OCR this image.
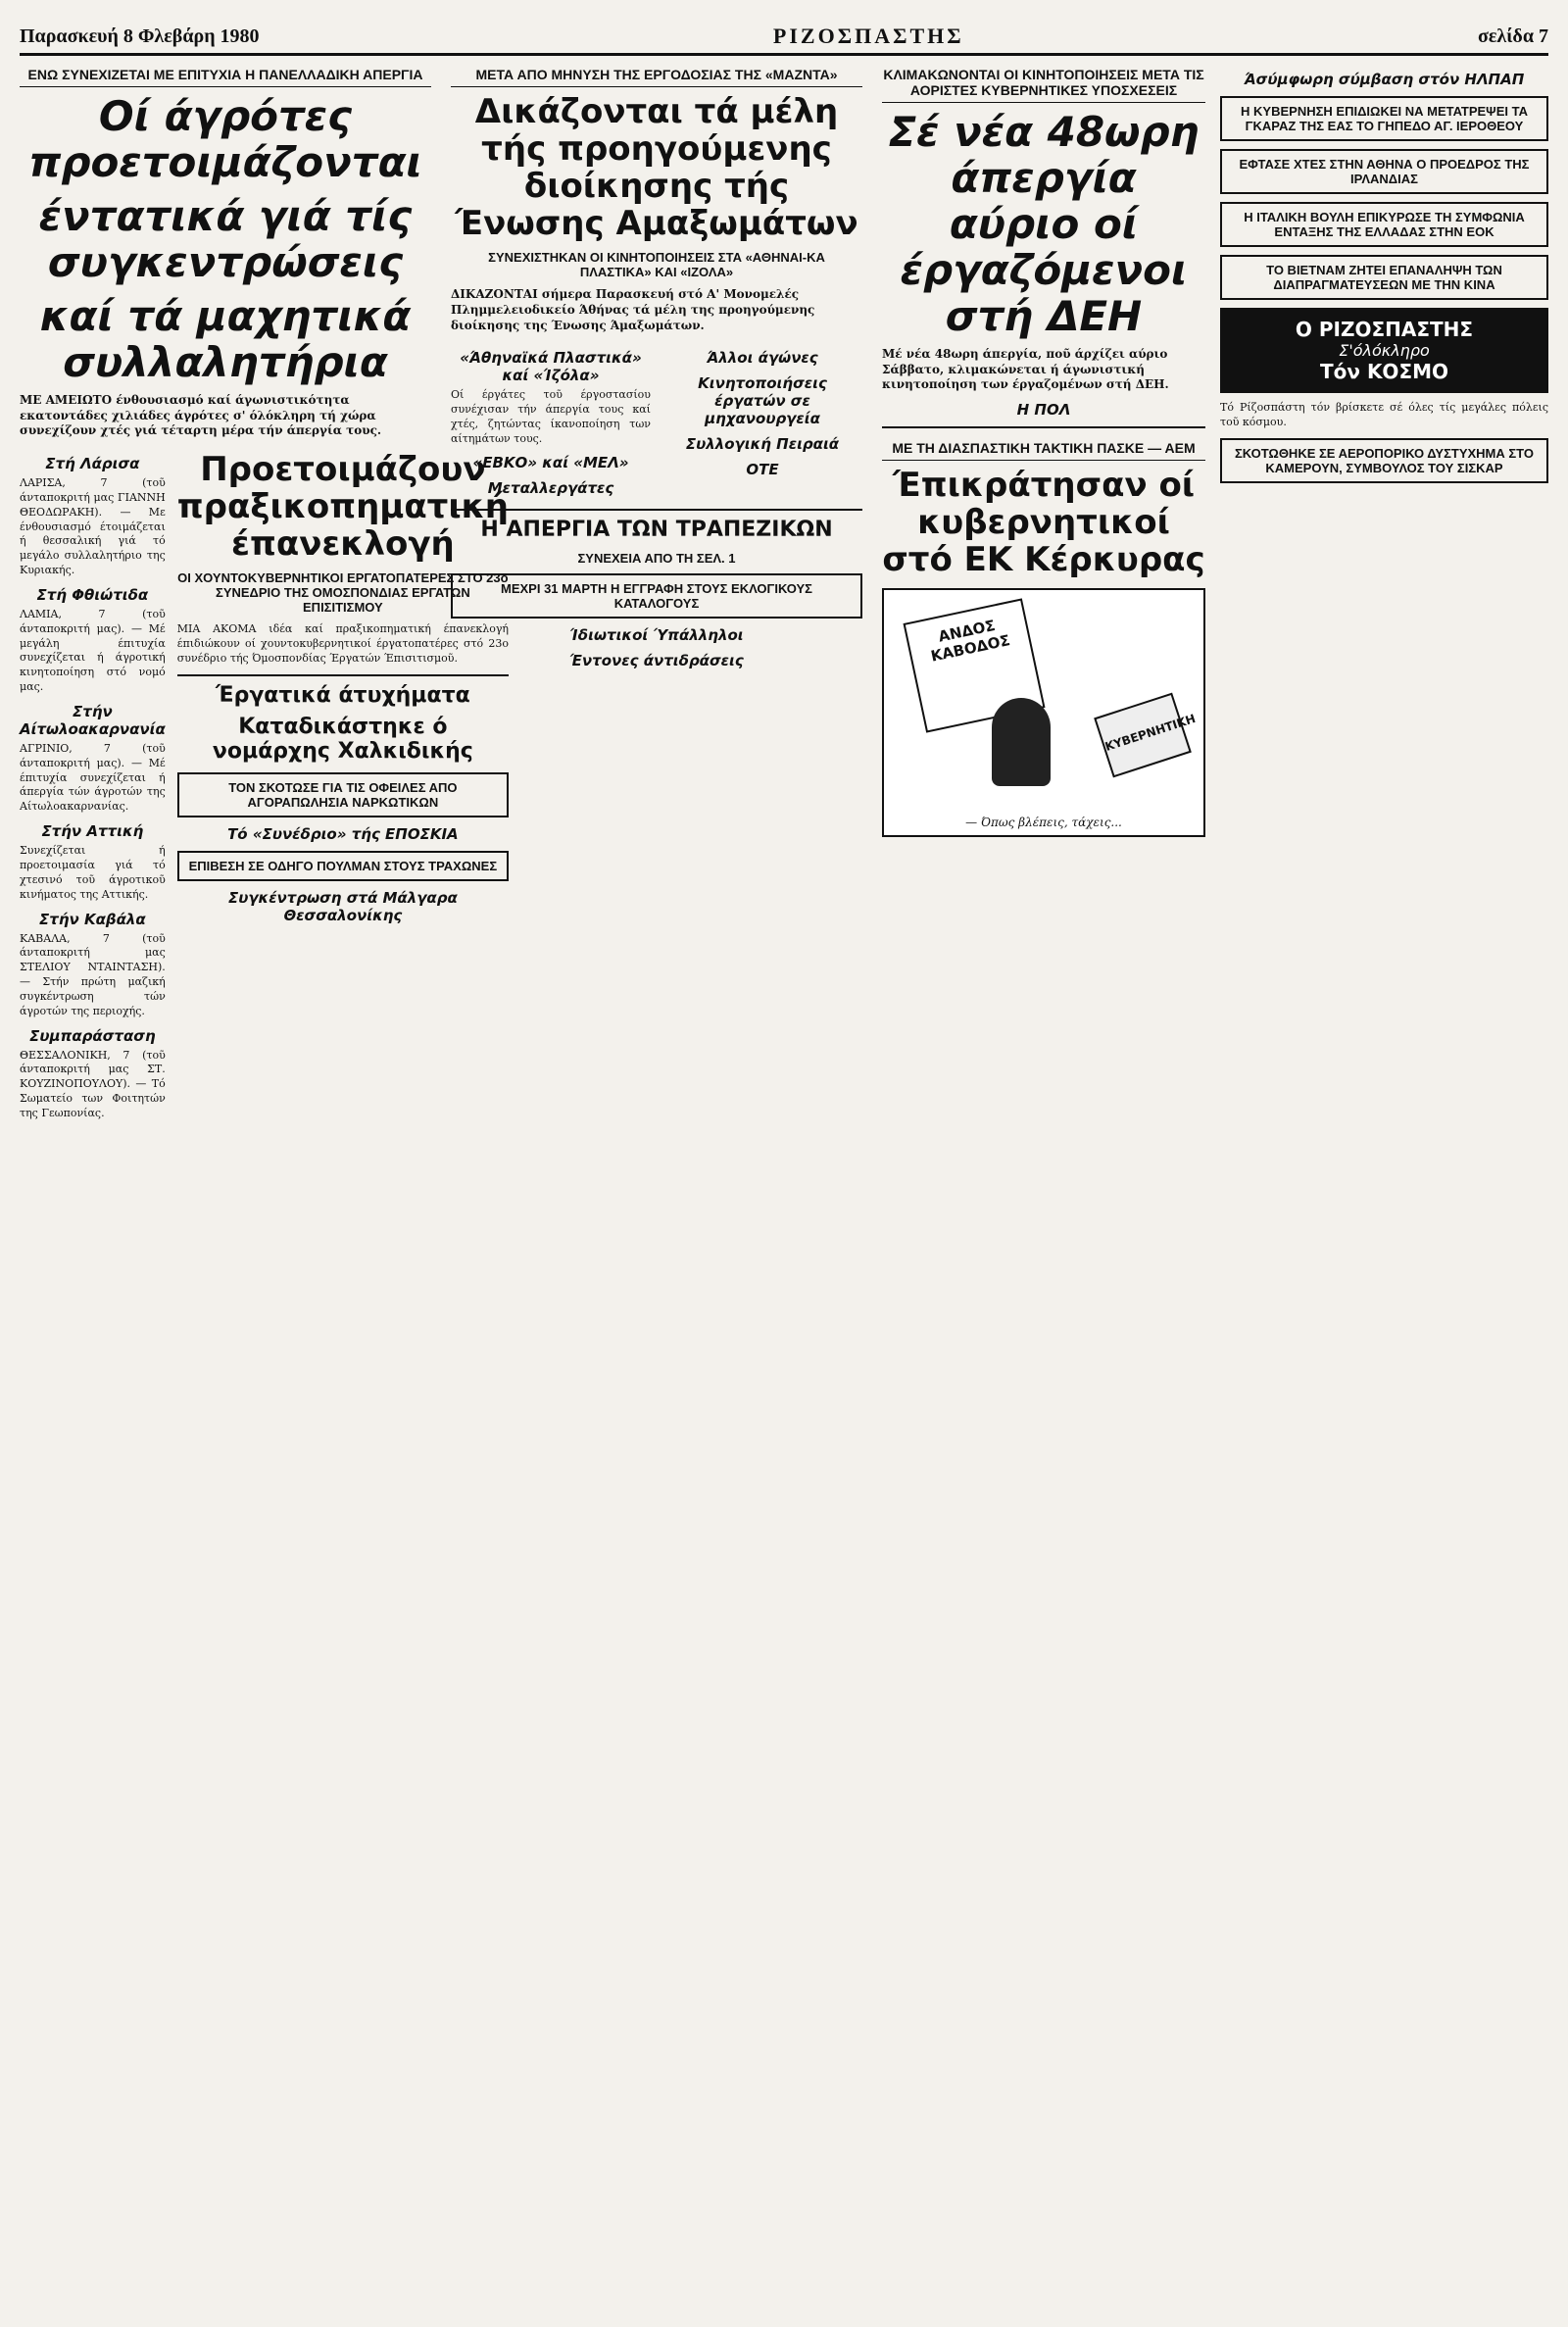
Παρασκευή 8 Φλεβάρη 1980	ΡΙΖΟΣΠΑΣΤΗΣ	σελίδα 7
ΕΝΩ ΣΥΝΕΧΙΖΕΤΑΙ ΜΕ ΕΠΙΤΥΧΙΑ Η ΠΑΝΕΛΛΑΔΙΚΗ ΑΠΕΡΓΙΑ
Οί άγρότες προετοιμάζονται
έντατικά γιά τίς συγκεντρώσεις
καί τά μαχητικά συλλαλητήρια
ΜΕ ΑΜΕΙΩΤΟ ένθουσιασμό καί άγωνιστικότητα εκατοντάδες χιλιάδες άγρότες σ' όλόκληρη τή χώρα συνεχίζουν χτές γιά τέταρτη μέρα τήν άπεργία τους.
Στή Λάρισα

ΛΑΡΙΣΑ, 7 (τοῦ άνταποκριτή μας ΓΙΑΝΝΗ ΘΕΟΔΩΡΑΚΗ). — Με ένθουσιασμό έτοιμάζεται ή θεσσαλική γιά τό μεγάλο συλλαλητήριο της Κυριακής.

Στή Φθιώτιδα

ΛΑΜΙΑ, 7 (τοῦ άνταποκριτή μας). — Μέ μεγάλη έπιτυχία συνεχίζεται ή άγροτική κινητοποίηση στό νομό μας.

Στήν Αίτωλοακαρνανία

ΑΓΡΙΝΙΟ, 7 (τοῦ άνταποκριτή μας). — Μέ έπιτυχία συνεχίζεται ή άπεργία τών άγροτών της Αίτωλοακαρνανίας.

Στήν Αττική

Συνεχίζεται ή προετοιμασία γιά τό χτεσινό τοῦ άγροτικοῦ κινήματος της Αττικής.

Στήν Καβάλα

ΚΑΒΑΛΑ, 7 (τοῦ άνταποκριτή μας ΣΤΕΛΙΟΥ ΝΤΑΙΝΤΑΣΗ). — Στήν πρώτη μαζική συγκέντρωση τών άγροτών της περιοχής.

Συμπαράσταση

ΘΕΣΣΑΛΟΝΙΚΗ, 7 (τοῦ άνταποκριτή μας ΣΤ. ΚΟΥΖΙΝΟΠΟΥΛΟΥ). — Τό Σωματείο των Φοιτητών της Γεωπονίας.

Προετοιμάζουν πραξικοπηματική έπανεκλογή
ΟΙ ΧΟΥΝΤΟΚΥΒΕΡΝΗΤΙΚΟΙ ΕΡΓΑΤΟΠΑΤΕΡΕΣ ΣΤΟ 23ο ΣΥΝΕΔΡΙΟ ΤΗΣ ΟΜΟΣΠΟΝΔΙΑΣ ΕΡΓΑΤΩΝ ΕΠΙΣΙΤΙΣΜΟΥ

ΜΙΑ ΑΚΟΜΑ ιδέα καί πραξικοπηματική έπανεκλογή έπιδιώκουν οί χουντοκυβερνητικοί έργατοπατέρες στό 23ο συνέδριο τής Όμοσπονδίας Έργατών Έπισιτισμοῦ.

Έργατικά άτυχήματα
Καταδικάστηκε ό νομάρχης Χαλκιδικής
ΤΟΝ ΣΚΟΤΩΣΕ ΓΙΑ ΤΙΣ ΟΦΕΙΛΕΣ ΑΠΟ ΑΓΟΡΑΠΩΛΗΣΙΑ ΝΑΡΚΩΤΙΚΩΝ
Τό «Συνέδριο» τής ΕΠΟΣΚΙΑ
ΕΠΙΒΕΣΗ ΣΕ ΟΔΗΓΟ ΠΟΥΛΜΑΝ ΣΤΟΥΣ ΤΡΑΧΩΝΕΣ
Συγκέντρωση στά Μάλγαρα Θεσσαλονίκης
ΜΕΤΑ ΑΠΟ ΜΗΝΥΣΗ ΤΗΣ ΕΡΓΟΔΟΣΙΑΣ ΤΗΣ «ΜΑΖΝΤΑ»
Δικάζονται τά μέλη τής προηγούμενης διοίκησης τής Ένωσης Αμαξωμάτων
ΣΥΝΕΧΙΣΤΗΚΑΝ ΟΙ ΚΙΝΗΤΟΠΟΙΗΣΕΙΣ ΣΤΑ «ΑΘΗΝΑΙ-ΚΑ ΠΛΑΣΤΙΚΑ» ΚΑΙ «ΙΖΟΛΑ»
ΔΙΚΑΖΟΝΤΑΙ σήμερα Παρασκευή στό Α' Μονομελές Πλημμελειοδικείο Άθήνας τά μέλη της προηγούμενης διοίκησης της Ένωσης Άμαξωμάτων.
«Άθηναϊκά Πλαστικά» καί «Ίζόλα»

Οί έργάτες τοῦ έργοστασίου συνέχισαν τήν άπεργία τους καί χτές, ζητώντας ίκανοποίηση των αίτημάτων τους.

«ΕΒΚΟ» καί «ΜΕΛ»
Μεταλλεργάτες
Άλλοι άγώνες
Κινητοποιήσεις έργατών σε μηχανουργεία
Συλλογική Πειραιά
ΟΤΕ
Η ΑΠΕΡΓΙΑ ΤΩΝ ΤΡΑΠΕΖΙΚΩΝ
ΣΥΝΕΧΕΙΑ ΑΠΟ ΤΗ ΣΕΛ. 1
ΜΕΧΡΙ 31 ΜΑΡΤΗ Η ΕΓΓΡΑΦΗ ΣΤΟΥΣ ΕΚΛΟΓΙΚΟΥΣ ΚΑΤΑΛΟΓΟΥΣ
Ίδιωτικοί Ύπάλληλοι
Έντονες άντιδράσεις
ΚΛΙΜΑΚΩΝΟΝΤΑΙ ΟΙ ΚΙΝΗΤΟΠΟΙΗΣΕΙΣ ΜΕΤΑ ΤΙΣ ΑΟΡΙΣΤΕΣ ΚΥΒΕΡΝΗΤΙΚΕΣ ΥΠΟΣΧΕΣΕΙΣ
Σέ νέα 48ωρη άπεργία αύριο οί έργαζόμενοι στή ΔΕΗ
Μέ νέα 48ωρη άπεργία, ποῦ άρχίζει αύριο Σάββατο, κλιμακώνεται ή άγωνιστική κινητοποίηση των έργαζομένων στή ΔΕΗ.
Η ΠΟΛ
ΜΕ ΤΗ ΔΙΑΣΠΑΣΤΙΚΗ ΤΑΚΤΙΚΗ ΠΑΣΚΕ — ΑΕΜ
Έπικράτησαν οί κυβερνητικοί στό ΕΚ Κέρκυρας
ΑΝΔΟΣ ΚΑΒΟΔΟΣ
ΚΥΒΕΡΝΗΤΙΚΗ
— Όπως βλέπεις, τάχεις...
Άσύμφωρη σύμβαση στόν ΗΛΠΑΠ
Η ΚΥΒΕΡΝΗΣΗ ΕΠΙΔΙΩΚΕΙ ΝΑ ΜΕΤΑΤΡΕΨΕΙ ΤΑ ΓΚΑΡΑΖ ΤΗΣ ΕΑΣ ΤΟ ΓΗΠΕΔΟ ΑΓ. ΙΕΡΟΘΕΟΥ
ΕΦΤΑΣΕ ΧΤΕΣ ΣΤΗΝ ΑΘΗΝΑ Ο ΠΡΟΕΔΡΟΣ ΤΗΣ ΙΡΛΑΝΔΙΑΣ
Η ΙΤΑΛΙΚΗ ΒΟΥΛΗ ΕΠΙΚΥΡΩΣΕ ΤΗ ΣΥΜΦΩΝΙΑ ΕΝΤΑΞΗΣ ΤΗΣ ΕΛΛΑΔΑΣ ΣΤΗΝ ΕΟΚ
ΤΟ ΒΙΕΤΝΑΜ ΖΗΤΕΙ ΕΠΑΝΑΛΗΨΗ ΤΩΝ ΔΙΑΠΡΑΓΜΑΤΕΥΣΕΩΝ ΜΕ ΤΗΝ ΚΙΝΑ
Ο ΡΙΖΟΣΠΑΣΤΗΣ
Σ'όλόκληρο
Τόν ΚΟΣΜΟ

Τό Ρίζοσπάστη τόν βρίσκετε σέ όλες τίς μεγάλες πόλεις τοῦ κόσμου.

ΣΚΟΤΩΘΗΚΕ ΣΕ ΑΕΡΟΠΟΡΙΚΟ ΔΥΣΤΥΧΗΜΑ ΣΤΟ ΚΑΜΕΡΟΥΝ, ΣΥΜΒΟΥΛΟΣ ΤΟΥ ΣΙΣΚΑΡ
